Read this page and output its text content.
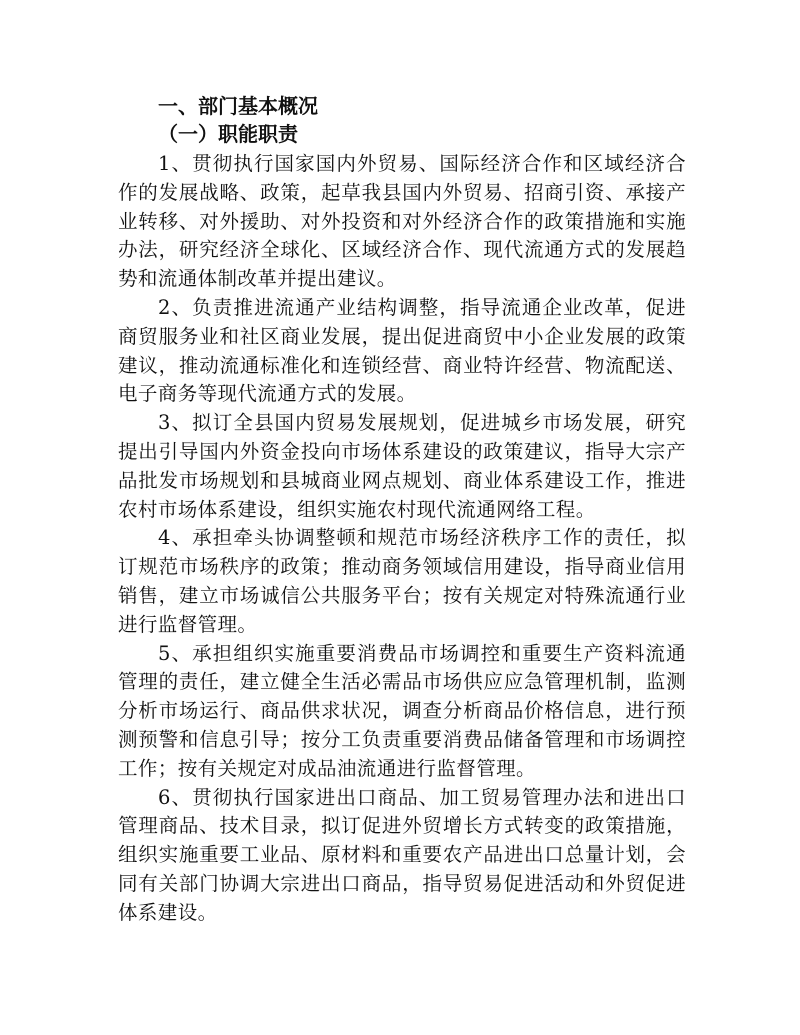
一、部门基本概况

（一）职能职责

1、贯彻执行国家国内外贸易、国际经济合作和区域经济合作的发展战略、政策，起草我县国内外贸易、招商引资、承接产业转移、对外援助、对外投资和对外经济合作的政策措施和实施办法，研究经济全球化、区域经济合作、现代流通方式的发展趋势和流通体制改革并提出建议。

2、负责推进流通产业结构调整，指导流通企业改革，促进商贸服务业和社区商业发展，提出促进商贸中小企业发展的政策建议，推动流通标准化和连锁经营、商业特许经营、物流配送、电子商务等现代流通方式的发展。

3、拟订全县国内贸易发展规划，促进城乡市场发展，研究提出引导国内外资金投向市场体系建设的政策建议，指导大宗产品批发市场规划和县城商业网点规划、商业体系建设工作，推进农村市场体系建设，组织实施农村现代流通网络工程。

4、承担牵头协调整顿和规范市场经济秩序工作的责任，拟订规范市场秩序的政策；推动商务领域信用建设，指导商业信用销售，建立市场诚信公共服务平台；按有关规定对特殊流通行业进行监督管理。

5、承担组织实施重要消费品市场调控和重要生产资料流通管理的责任，建立健全生活必需品市场供应应急管理机制，监测分析市场运行、商品供求状况，调查分析商品价格信息，进行预测预警和信息引导；按分工负责重要消费品储备管理和市场调控工作；按有关规定对成品油流通进行监督管理。

6、贯彻执行国家进出口商品、加工贸易管理办法和进出口管理商品、技术目录，拟订促进外贸增长方式转变的政策措施，组织实施重要工业品、原材料和重要农产品进出口总量计划，会同有关部门协调大宗进出口商品，指导贸易促进活动和外贸促进体系建设。
